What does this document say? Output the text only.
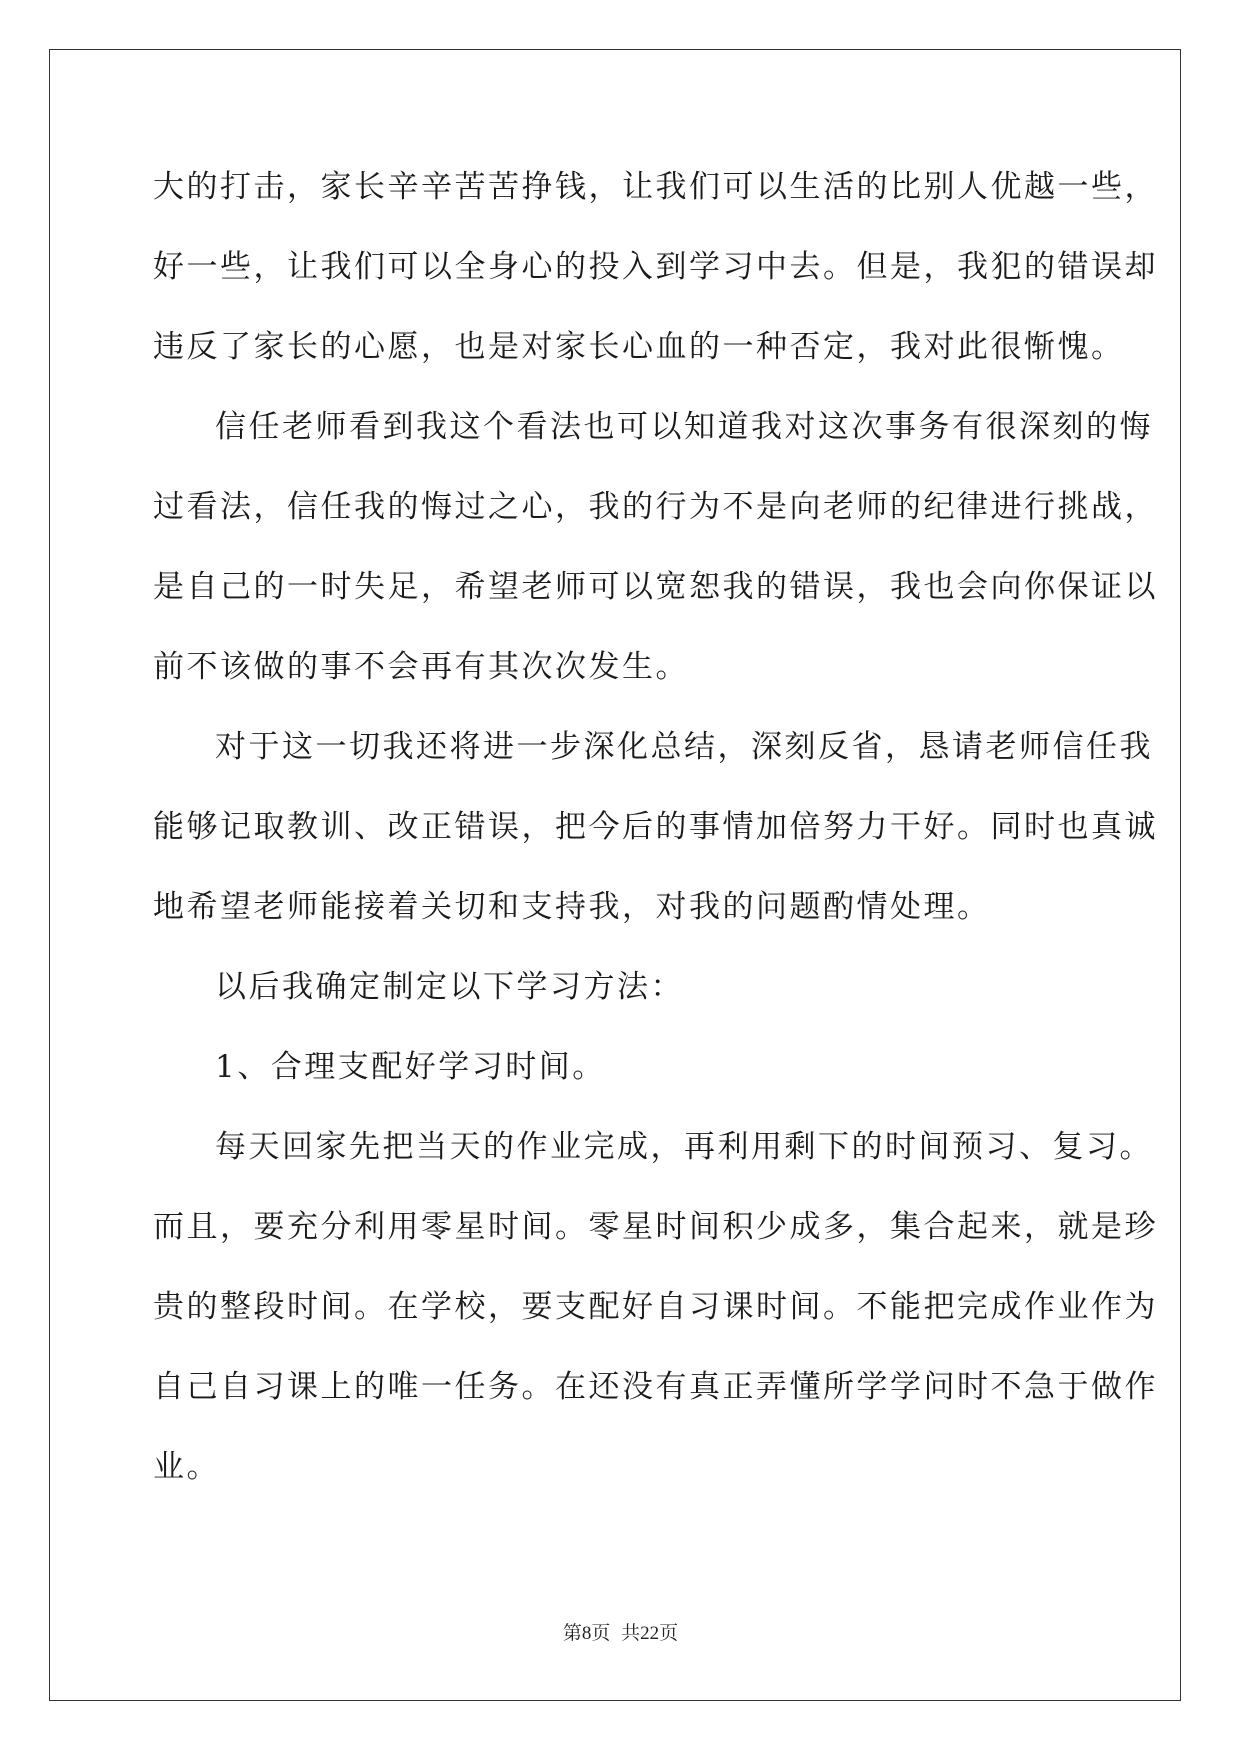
大的打击，家长辛辛苦苦挣钱，让我们可以生活的比别人优越一些，
好一些，让我们可以全身心的投入到学习中去。但是，我犯的错误却
违反了家长的心愿，也是对家长心血的一种否定，我对此很惭愧。
信任老师看到我这个看法也可以知道我对这次事务有很深刻的悔
过看法，信任我的悔过之心，我的行为不是向老师的纪律进行挑战，
是自己的一时失足，希望老师可以宽恕我的错误，我也会向你保证以
前不该做的事不会再有其次次发生。
对于这一切我还将进一步深化总结，深刻反省，恳请老师信任我
能够记取教训、改正错误，把今后的事情加倍努力干好。同时也真诚
地希望老师能接着关切和支持我，对我的问题酌情处理。
以后我确定制定以下学习方法：
1、合理支配好学习时间。
每天回家先把当天的作业完成，再利用剩下的时间预习、复习。
而且，要充分利用零星时间。零星时间积少成多，集合起来，就是珍
贵的整段时间。在学校，要支配好自习课时间。不能把完成作业作为
自己自习课上的唯一任务。在还没有真正弄懂所学学问时不急于做作
业。
第8页 共22页
